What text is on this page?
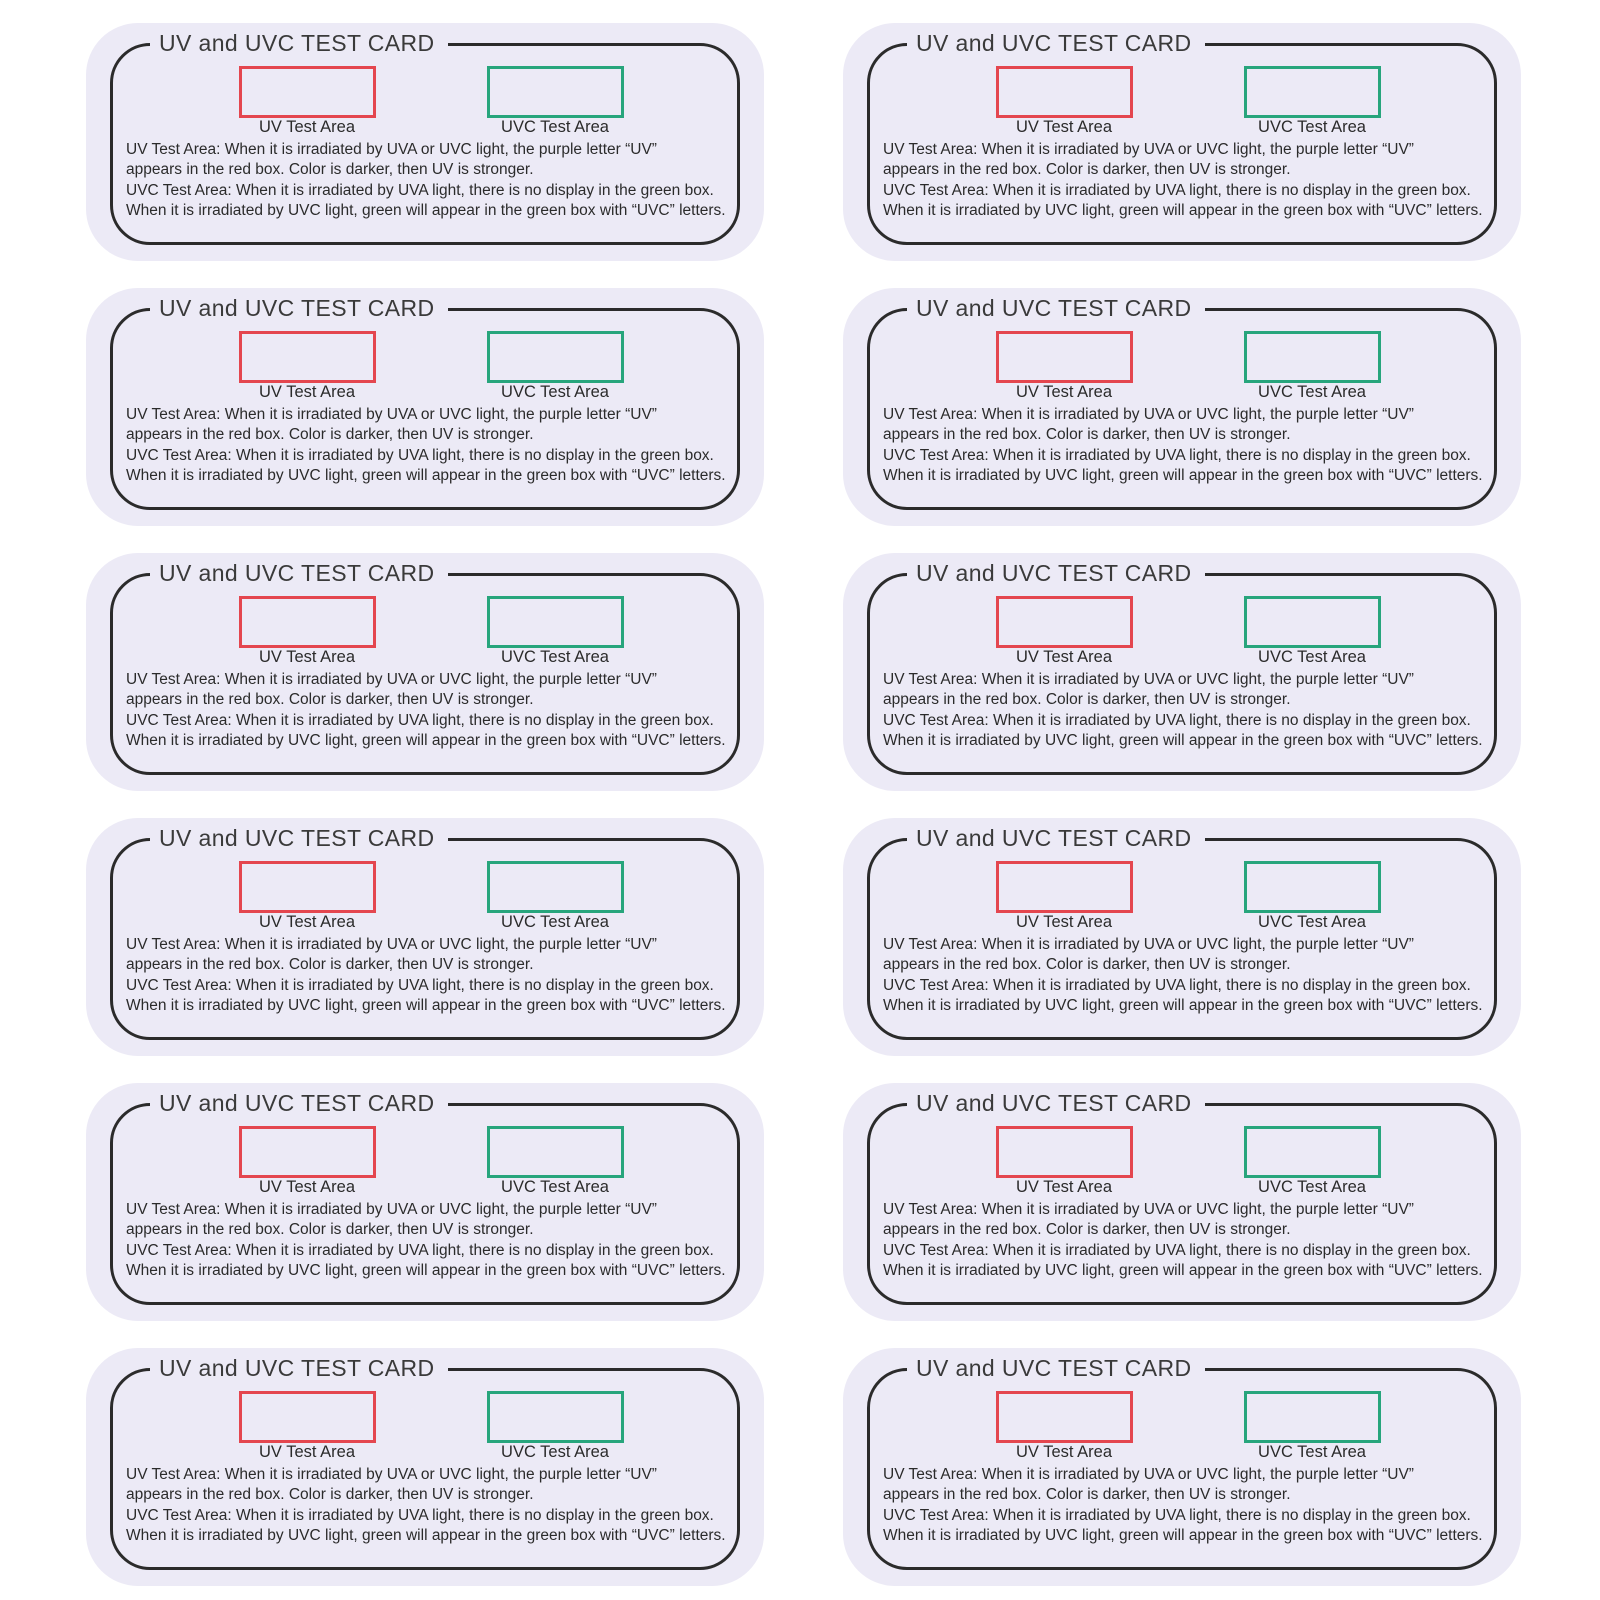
UV and UVC TEST CARD
UV Test Area	UVC Test Area
UV Test Area: When it is irradiated by UVA or UVC light, the purple letter “UV”
appears in the red box. Color is darker, then UV is stronger.
UVC Test Area: When it is irradiated by UVA light, there is no display in the green box.
When it is irradiated by UVC light, green will appear in the green box with “UVC” letters.
UV and UVC TEST CARD
UV Test Area	UVC Test Area
UV Test Area: When it is irradiated by UVA or UVC light, the purple letter “UV”
appears in the red box. Color is darker, then UV is stronger.
UVC Test Area: When it is irradiated by UVA light, there is no display in the green box.
When it is irradiated by UVC light, green will appear in the green box with “UVC” letters.
UV and UVC TEST CARD
UV Test Area	UVC Test Area
UV Test Area: When it is irradiated by UVA or UVC light, the purple letter “UV”
appears in the red box. Color is darker, then UV is stronger.
UVC Test Area: When it is irradiated by UVA light, there is no display in the green box.
When it is irradiated by UVC light, green will appear in the green box with “UVC” letters.
UV and UVC TEST CARD
UV Test Area	UVC Test Area
UV Test Area: When it is irradiated by UVA or UVC light, the purple letter “UV”
appears in the red box. Color is darker, then UV is stronger.
UVC Test Area: When it is irradiated by UVA light, there is no display in the green box.
When it is irradiated by UVC light, green will appear in the green box with “UVC” letters.
UV and UVC TEST CARD
UV Test Area	UVC Test Area
UV Test Area: When it is irradiated by UVA or UVC light, the purple letter “UV”
appears in the red box. Color is darker, then UV is stronger.
UVC Test Area: When it is irradiated by UVA light, there is no display in the green box.
When it is irradiated by UVC light, green will appear in the green box with “UVC” letters.
UV and UVC TEST CARD
UV Test Area	UVC Test Area
UV Test Area: When it is irradiated by UVA or UVC light, the purple letter “UV”
appears in the red box. Color is darker, then UV is stronger.
UVC Test Area: When it is irradiated by UVA light, there is no display in the green box.
When it is irradiated by UVC light, green will appear in the green box with “UVC” letters.
UV and UVC TEST CARD
UV Test Area	UVC Test Area
UV Test Area: When it is irradiated by UVA or UVC light, the purple letter “UV”
appears in the red box. Color is darker, then UV is stronger.
UVC Test Area: When it is irradiated by UVA light, there is no display in the green box.
When it is irradiated by UVC light, green will appear in the green box with “UVC” letters.
UV and UVC TEST CARD
UV Test Area	UVC Test Area
UV Test Area: When it is irradiated by UVA or UVC light, the purple letter “UV”
appears in the red box. Color is darker, then UV is stronger.
UVC Test Area: When it is irradiated by UVA light, there is no display in the green box.
When it is irradiated by UVC light, green will appear in the green box with “UVC” letters.
UV and UVC TEST CARD
UV Test Area	UVC Test Area
UV Test Area: When it is irradiated by UVA or UVC light, the purple letter “UV”
appears in the red box. Color is darker, then UV is stronger.
UVC Test Area: When it is irradiated by UVA light, there is no display in the green box.
When it is irradiated by UVC light, green will appear in the green box with “UVC” letters.
UV and UVC TEST CARD
UV Test Area	UVC Test Area
UV Test Area: When it is irradiated by UVA or UVC light, the purple letter “UV”
appears in the red box. Color is darker, then UV is stronger.
UVC Test Area: When it is irradiated by UVA light, there is no display in the green box.
When it is irradiated by UVC light, green will appear in the green box with “UVC” letters.
UV and UVC TEST CARD
UV Test Area	UVC Test Area
UV Test Area: When it is irradiated by UVA or UVC light, the purple letter “UV”
appears in the red box. Color is darker, then UV is stronger.
UVC Test Area: When it is irradiated by UVA light, there is no display in the green box.
When it is irradiated by UVC light, green will appear in the green box with “UVC” letters.
UV and UVC TEST CARD
UV Test Area	UVC Test Area
UV Test Area: When it is irradiated by UVA or UVC light, the purple letter “UV”
appears in the red box. Color is darker, then UV is stronger.
UVC Test Area: When it is irradiated by UVA light, there is no display in the green box.
When it is irradiated by UVC light, green will appear in the green box with “UVC” letters.
